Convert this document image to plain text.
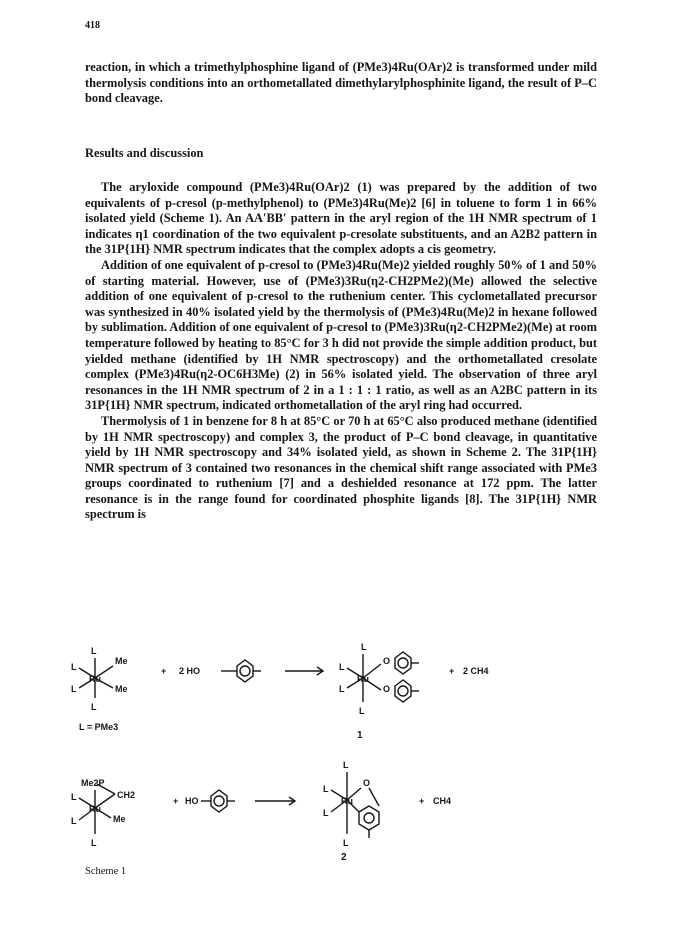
418

reaction, in which a trimethylphosphine ligand of (PMe3)4Ru(OAr)2 is transformed under mild thermolysis conditions into an orthometallated dimethylarylphosphinite ligand, the result of P–C bond cleavage.

Results and discussion

The aryloxide compound (PMe3)4Ru(OAr)2 (1) was prepared by the addition of two equivalents of p-cresol (p-methylphenol) to (PMe3)4Ru(Me)2 [6] in toluene to form 1 in 66% isolated yield (Scheme 1). An AA′BB′ pattern in the aryl region of the 1H NMR spectrum of 1 indicates η1 coordination of the two equivalent p-cresolate substituents, and an A2B2 pattern in the 31P{1H} NMR spectrum indicates that the complex adopts a cis geometry.

Addition of one equivalent of p-cresol to (PMe3)4Ru(Me)2 yielded roughly 50% of 1 and 50% of starting material. However, use of (PMe3)3Ru(η2-CH2PMe2)(Me) allowed the selective addition of one equivalent of p-cresol to the ruthenium center. This cyclometallated precursor was synthesized in 40% isolated yield by the thermolysis of (PMe3)4Ru(Me)2 in hexane followed by sublimation. Addition of one equivalent of p-cresol to (PMe3)3Ru(η2-CH2PMe2)(Me) at room temperature followed by heating to 85°C for 3 h did not provide the simple addition product, but yielded methane (identified by 1H NMR spectroscopy) and the orthometallated cresolate complex (PMe3)4Ru(η2-OC6H3Me) (2) in 56% isolated yield. The observation of three aryl resonances in the 1H NMR spectrum of 2 in a 1 : 1 : 1 ratio, as well as an A2BC pattern in its 31P{1H} NMR spectrum, indicated orthometallation of the aryl ring had occurred.

Thermolysis of 1 in benzene for 8 h at 85°C or 70 h at 65°C also produced methane (identified by 1H NMR spectroscopy) and complex 3, the product of P–C bond cleavage, in quantitative yield by 1H NMR spectroscopy and 34% isolated yield, as shown in Scheme 2. The 31P{1H} NMR spectrum of 3 contained two resonances in the chemical shift range associated with PMe3 groups coordinated to ruthenium [7] and a deshielded resonance at 172 ppm. The latter resonance is in the range found for coordinated phosphite ligands [8]. The 31P{1H} NMR spectrum is

L
L
L
Ru
Me
Me
L
L = PMe3
+ 2 HO
L
L
L
Ru
O
O
L
1
+ 2 CH4
Me2P
CH2
L
L
Ru
Me
L
+ HO
L
L
L
Ru
O
L
2
+ CH4
Scheme 1
